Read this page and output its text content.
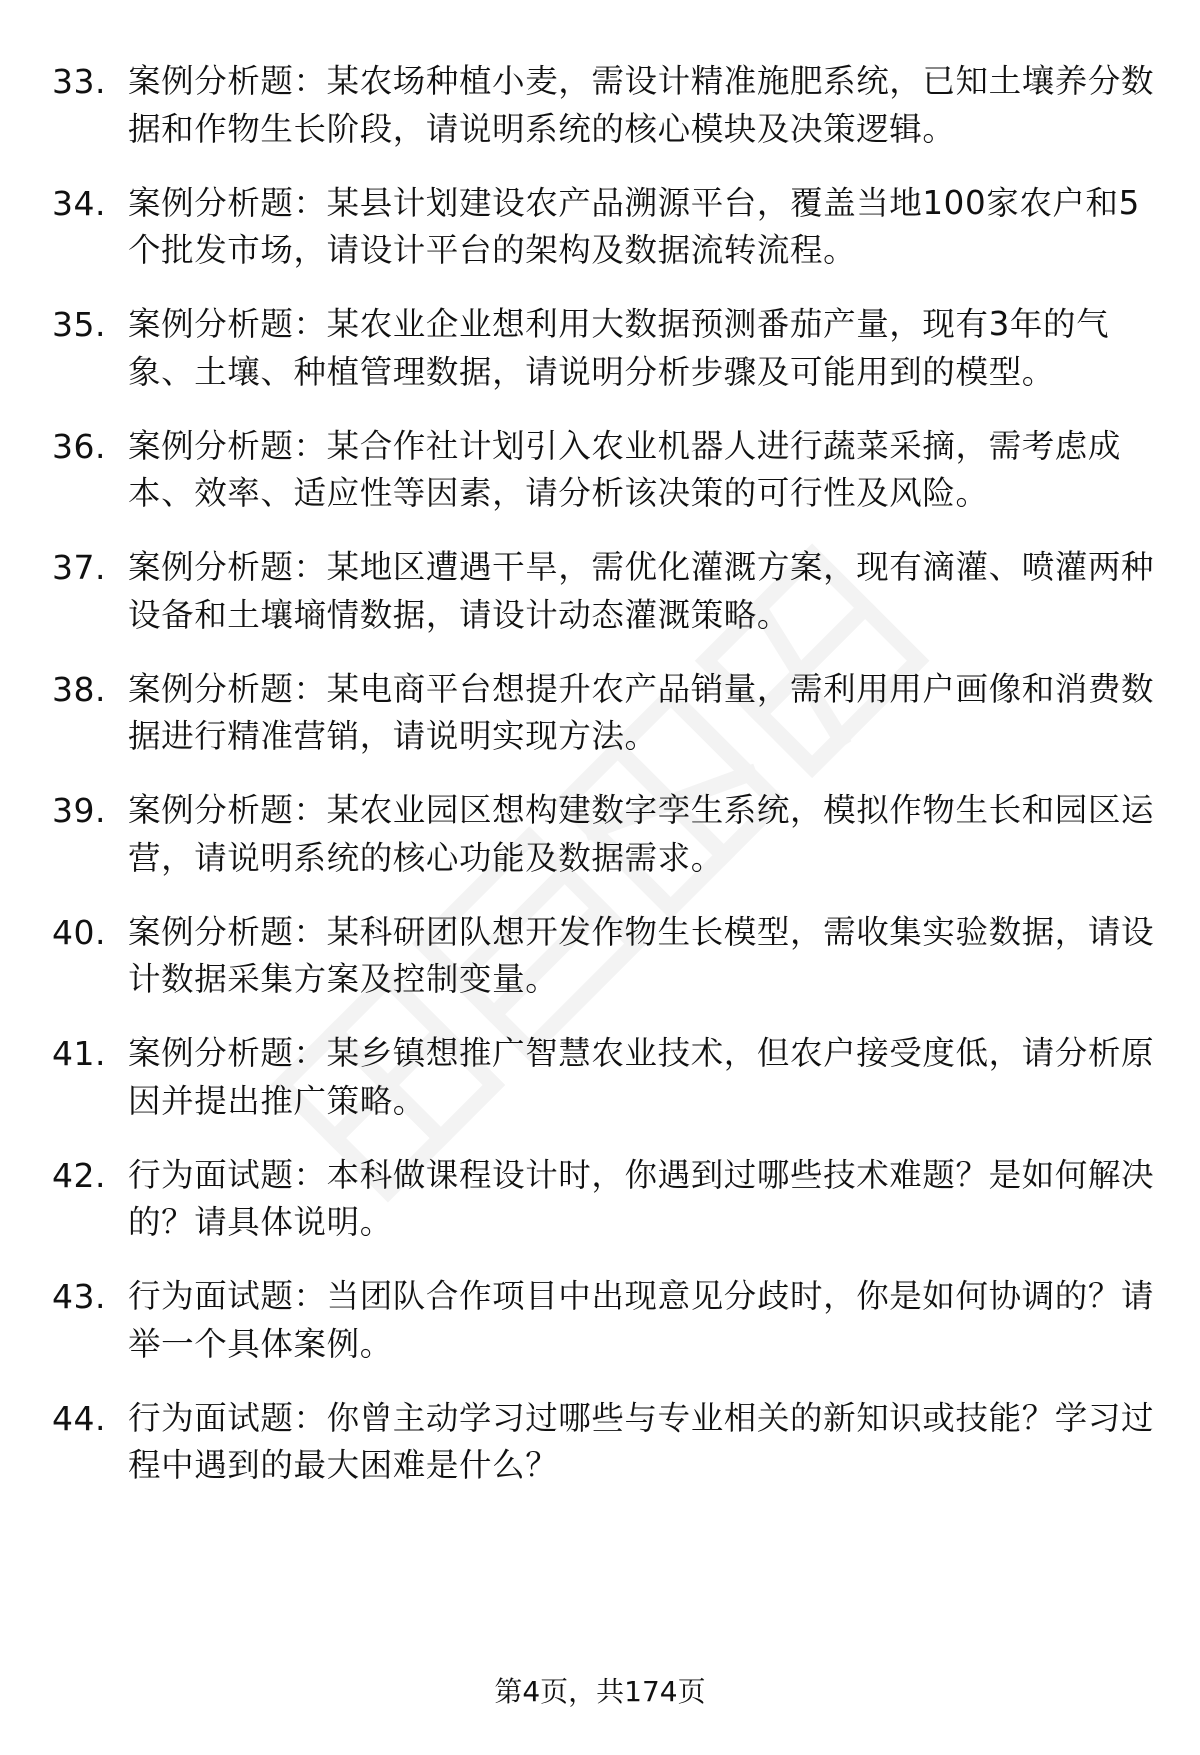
33. 案例分析题：某农场种植小麦，需设计精准施肥系统，已知土壤养分数据和作物生长阶段，请说明系统的核心模块及决策逻辑。
34. 案例分析题：某县计划建设农产品溯源平台，覆盖当地100家农户和5个批发市场，请设计平台的架构及数据流转流程。
35. 案例分析题：某农业企业想利用大数据预测番茄产量，现有3年的气象、土壤、种植管理数据，请说明分析步骤及可能用到的模型。
36. 案例分析题：某合作社计划引入农业机器人进行蔬菜采摘，需考虑成本、效率、适应性等因素，请分析该决策的可行性及风险。
37. 案例分析题：某地区遭遇干旱，需优化灌溉方案，现有滴灌、喷灌两种设备和土壤墒情数据，请设计动态灌溉策略。
38. 案例分析题：某电商平台想提升农产品销量，需利用用户画像和消费数据进行精准营销，请说明实现方法。
39. 案例分析题：某农业园区想构建数字孪生系统，模拟作物生长和园区运营，请说明系统的核心功能及数据需求。
40. 案例分析题：某科研团队想开发作物生长模型，需收集实验数据，请设计数据采集方案及控制变量。
41. 案例分析题：某乡镇想推广智慧农业技术，但农户接受度低，请分析原因并提出推广策略。
42. 行为面试题：本科做课程设计时，你遇到过哪些技术难题？是如何解决的？请具体说明。
43. 行为面试题：当团队合作项目中出现意见分歧时，你是如何协调的？请举一个具体案例。
44. 行为面试题：你曾主动学习过哪些与专业相关的新知识或技能？学习过程中遇到的最大困难是什么？
第4页，共174页
